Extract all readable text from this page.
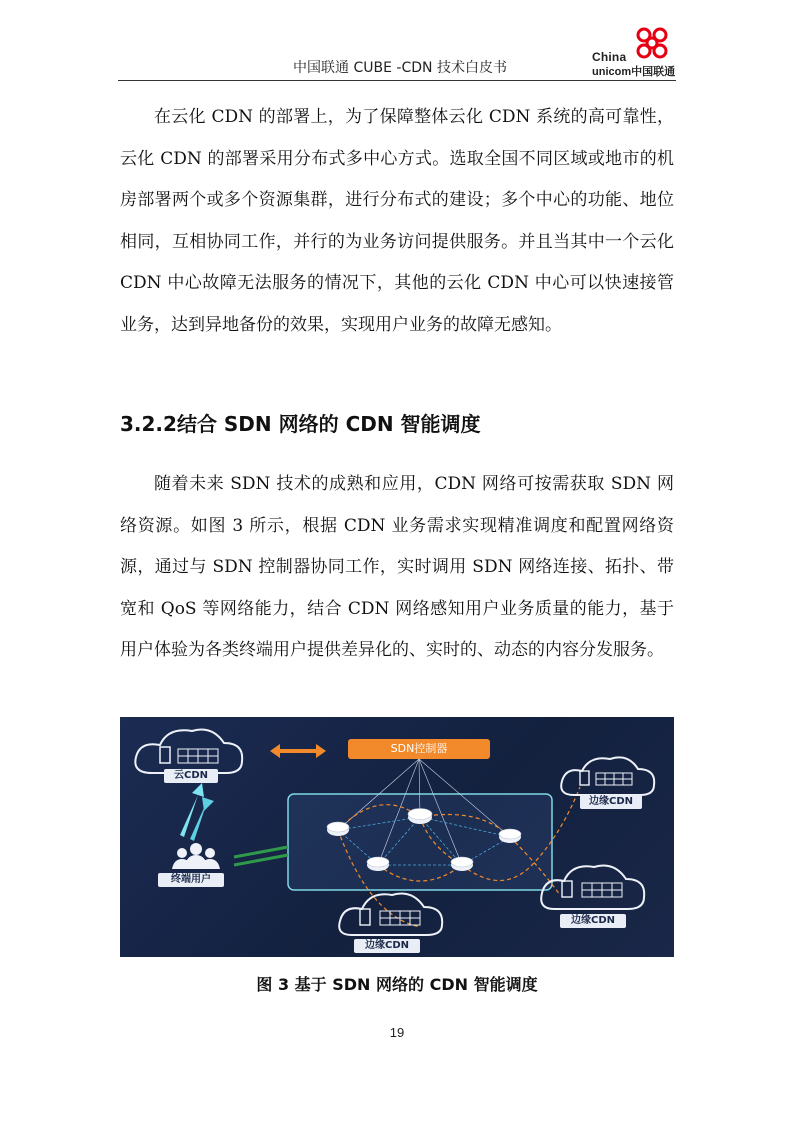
中国联通 CUBE -CDN 技术白皮书
China
unicom中国联通

在云化 CDN 的部署上，为了保障整体云化 CDN 系统的高可靠性，云化 CDN 的部署采用分布式多中心方式。选取全国不同区域或地市的机房部署两个或多个资源集群，进行分布式的建设；多个中心的功能、地位相同，互相协同工作，并行的为业务访问提供服务。并且当其中一个云化 CDN 中心故障无法服务的情况下，其他的云化 CDN 中心可以快速接管业务，达到异地备份的效果，实现用户业务的故障无感知。

3.2.2结合 SDN 网络的 CDN 智能调度

随着未来 SDN 技术的成熟和应用，CDN 网络可按需获取 SDN 网络资源。如图 3 所示，根据 CDN 业务需求实现精准调度和配置网络资源，通过与 SDN 控制器协同工作，实时调用 SDN 网络连接、拓扑、带宽和 QoS 等网络能力，结合 CDN 网络感知用户业务质量的能力，基于用户体验为各类终端用户提供差异化的、实时的、动态的内容分发服务。

SDN控制器
云CDN
边缘CDN
边缘CDN
边缘CDN
终端用户
图 3 基于 SDN 网络的 CDN 智能调度
19
